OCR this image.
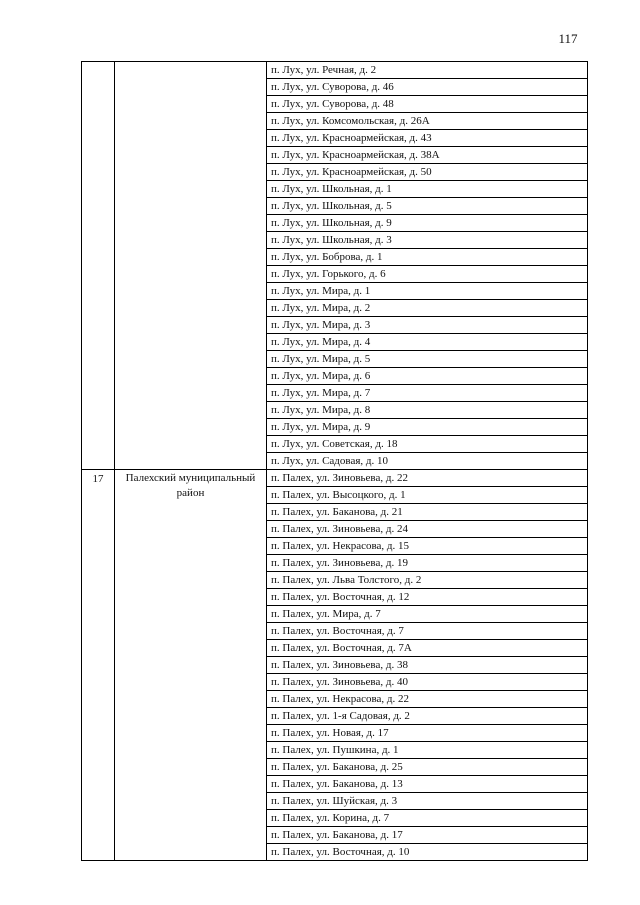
117
		п. Лух, ул. Речная, д. 2
		п. Лух, ул. Суворова, д. 46
		п. Лух, ул. Суворова, д. 48
		п. Лух, ул. Комсомольская, д. 26А
		п. Лух, ул. Красноармейская, д. 43
		п. Лух, ул. Красноармейская, д. 38А
		п. Лух, ул. Красноармейская, д. 50
		п. Лух, ул. Школьная, д. 1
		п. Лух, ул. Школьная, д. 5
		п. Лух, ул. Школьная, д. 9
		п. Лух, ул. Школьная, д. 3
		п. Лух, ул. Боброва, д. 1
		п. Лух, ул. Горького, д. 6
		п. Лух, ул. Мира, д. 1
		п. Лух, ул. Мира, д. 2
		п. Лух, ул. Мира, д. 3
		п. Лух, ул. Мира, д. 4
		п. Лух, ул. Мира, д. 5
		п. Лух, ул. Мира, д. 6
		п. Лух, ул. Мира, д. 7
		п. Лух, ул. Мира, д. 8
		п. Лух, ул. Мира, д. 9
		п. Лух, ул. Советская, д. 18
		п. Лух, ул. Садовая, д. 10
17	Палехский муниципальный район	п. Палех, ул. Зиновьева, д. 22
		п. Палех, ул. Высоцкого, д. 1
		п. Палех, ул. Баканова, д. 21
		п. Палех, ул. Зиновьева, д. 24
		п. Палех, ул. Некрасова, д. 15
		п. Палех, ул. Зиновьева, д. 19
		п. Палех, ул. Льва Толстого, д. 2
		п. Палех, ул. Восточная, д. 12
		п. Палех, ул. Мира, д. 7
		п. Палех, ул. Восточная, д. 7
		п. Палех, ул. Восточная, д. 7А
		п. Палех, ул. Зиновьева, д. 38
		п. Палех, ул. Зиновьева, д. 40
		п. Палех, ул. Некрасова, д. 22
		п. Палех, ул. 1-я Садовая, д. 2
		п. Палех, ул. Новая, д. 17
		п. Палех, ул. Пушкина, д. 1
		п. Палех, ул. Баканова, д. 25
		п. Палех, ул. Баканова, д. 13
		п. Палех, ул. Шуйская, д. 3
		п. Палех, ул. Корина, д. 7
		п. Палех, ул. Баканова, д. 17
		п. Палех, ул. Восточная, д. 10
